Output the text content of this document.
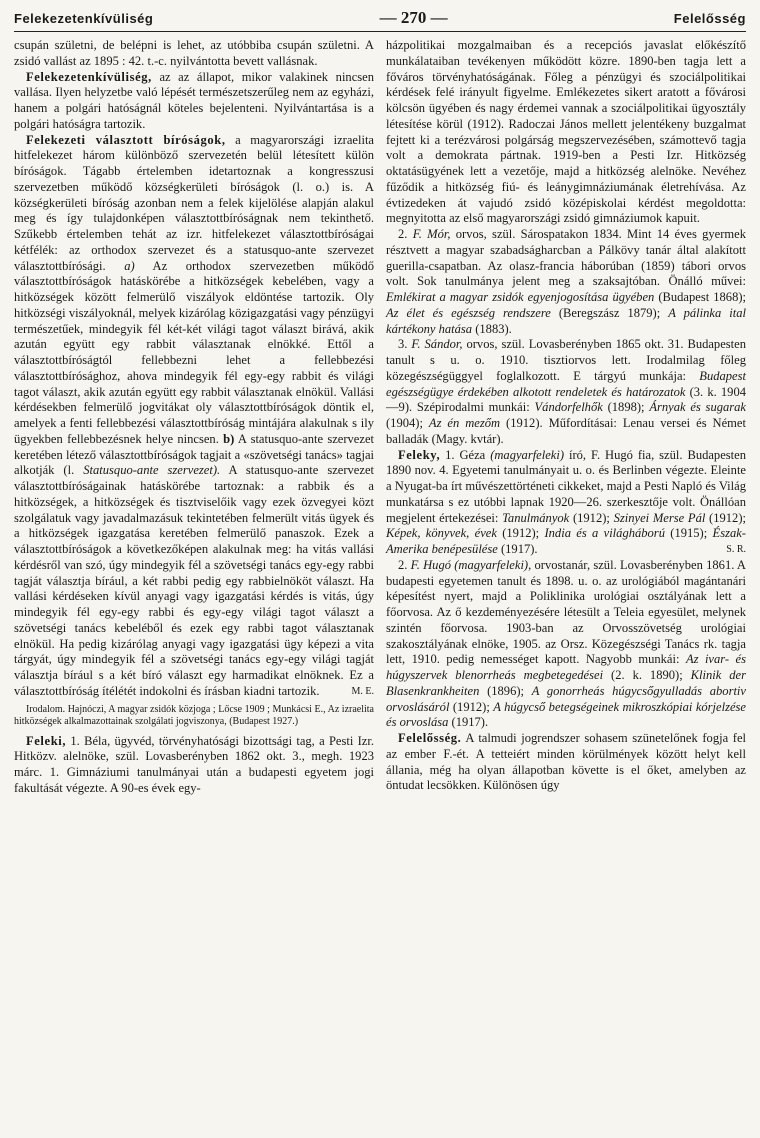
Felekezetenkívüliség	— 270 —	Felelősség

csupán születni, de belépni is lehet, az utóbbiba csupán születni. A zsidó vallást az 1895 : 42. t.-c. nyilvántotta bevett vallásnak.

Felekezetenkívüliség, az az állapot, mikor valakinek nincsen vallása. Ilyen helyzetbe való lépését természetszerűleg nem az egyházi, hanem a polgári hatóságnál köteles bejelenteni. Nyilvántartása is a polgári hatóságra tartozik.

Felekezeti választott bíróságok, a magyarországi izraelita hitfelekezet három különböző szervezetén belül létesített külön bíróságok. Tágabb értelemben idetartoznak a kongresszusi szervezetben működő községkerületi bíróságok (l. o.) is. A községkerületi bíróság azonban nem a felek kijelölése alapján alakul meg és így tulajdonképen választottbíróságnak nem tekinthető. Szűkebb értelemben tehát az izr. hitfelekezet választottbíróságai kétfélék: az orthodox szervezet és a statusquo-ante szervezet választottbírósági. a) Az orthodox szervezetben működő választottbíróságok hatáskörébe a hitközségek kebelében, vagy a hitközségek között felmerülő viszályok eldöntése tartozik. Oly hitközségi viszályoknál, melyek kizárólag közigazgatási vagy pénzügyi természetűek, mindegyik fél két-két világi tagot választ birává, akik azután együtt egy rabbit választanak elnökké. Ettől a választottbíróságtól fellebbezni lehet a fellebbezési választottbírósághoz, ahova mindegyik fél egy-egy rabbit és világi tagot választ, akik azután együtt egy rabbit választanak elnökül. Vallási kérdésekben felmerülő jogvitákat oly választottbíróságok döntik el, amelyek a fenti fellebbezési választottbíróság mintájára alakulnak s ily ügyekben fellebbezésnek helye nincsen. b) A statusquo-ante szervezet keretében létező választottbíróságok tagjait a «szövetségi tanács» tagjai alkotják (l. Statusquo-ante szervezet). A statusquo-ante szervezet választottbíróságainak hatáskörébe tartoznak: a rabbik és a hitközségek, a hitközségek és tisztviselőik vagy ezek özvegyei közt szolgálatuk vagy javadalmazásuk tekintetében felmerült vitás ügyek és a hitközségek igazgatása keretében felmerülő panaszok. Ezek a választottbíróságok a következőképen alakulnak meg: ha vitás vallási kérdésről van szó, úgy mindegyik fél a szövetségi tanács egy-egy rabbi tagját választja bírául, a két rabbi pedig egy rabbielnököt választ. Ha vallási kérdéseken kívül anyagi vagy igazgatási kérdés is vitás, úgy mindegyik fél egy-egy rabbi és egy-egy világi tagot választ a szövetségi tanács kebeléből és ezek egy rabbi tagot választanak elnökül. Ha pedig kizárólag anyagi vagy igazgatási ügy képezi a vita tárgyát, úgy mindegyik fél a szövetségi tanács egy-egy világi tagját választja bírául s a két bíró választ egy harmadikat elnöknek. Ez a választottbíróság ítélétét indokolni és írásban kiadni tartozik.	M. E.

Irodalom. Hajnóczi, A magyar zsidók közjoga ; Lőcse 1909 ; Munkácsi E., Az izraelita hitközségek alkalmazottainak szolgálati jogviszonya, (Budapest 1927.)

Feleki, 1. Béla, ügyvéd, törvényhatósági bizottsági tag, a Pesti Izr. Hitközv. alelnöke, szül. Lovasberényben 1862 okt. 3., megh. 1923 márc. 1. Gimnáziumi tanulmányai után a budapesti egyetem jogi fakultását végezte. A 90-es évek egy-

házpolitikai mozgalmaiban és a recepciós javaslat előkészítő munkálataiban tevékenyen működött közre. 1890-ben tagja lett a főváros törvényhatóságának. Főleg a pénzügyi és szociálpolitikai kérdések felé irányult figyelme. Emlékezetes sikert aratott a fővárosi kölcsön ügyében és nagy érdemei vannak a szociálpolitikai ügyosztály létesítése körül (1912). Radoczai János mellett jelentékeny buzgalmat fejtett ki a terézvárosi polgárság megszervezésében, számottevő tagja volt a demokrata pártnak. 1919-ben a Pesti Izr. Hitközség oktatásügyének lett a vezetője, majd a hitközség alelnöke. Nevéhez fűződik a hitközség fiú- és leánygimnáziumának életrehívása. Az évtizedeken át vajudó zsidó középiskolai kérdést megoldotta: megnyitotta az első magyarországi zsidó gimnáziumok kapuit.

2. F. Mór, orvos, szül. Sárospatakon 1834. Mint 14 éves gyermek résztvett a magyar szabadságharcban a Pálkövy tanár által alakított guerilla-csapatban. Az olasz-francia háborúban (1859) tábori orvos volt. Sok tanulmánya jelent meg a szaksajtóban. Önálló művei: Emlékirat a magyar zsidók egyenjogosítása ügyében (Budapest 1868); Az élet és egészség rendszere (Beregszász 1879); A pálinka ital kártékony hatása (1883).

3. F. Sándor, orvos, szül. Lovasberényben 1865 okt. 31. Budapesten tanult s u. o. 1910. tisztiorvos lett. Irodalmilag főleg közegészségüggyel foglalkozott. E tárgyú munkája: Budapest egészségügye érdekében alkotott rendeletek és határozatok (3. k. 1904—9). Szépirodalmi munkái: Vándorfelhők (1898); Árnyak és sugarak (1904); Az én mezőm (1912). Műfordításai: Lenau versei és Német balladák (Magy. kvtár).

Feleky, 1. Géza (magyarfeleki) író, F. Hugó fia, szül. Budapesten 1890 nov. 4. Egyetemi tanulmányait u. o. és Berlinben végezte. Eleinte a Nyugat-ba írt művészettörténeti cikkeket, majd a Pesti Napló és Világ munkatársa s ez utóbbi lapnak 1920—26. szerkesztője volt. Önállóan megjelent értekezései: Tanulmányok (1912); Szinyei Merse Pál (1912); Képek, könyvek, évek (1912); India és a világháború (1915); Észak-Amerika benépesülése (1917).	S. R.

2. F. Hugó (magyarfeleki), orvostanár, szül. Lovasberényben 1861. A budapesti egyetemen tanult és 1898. u. o. az urológiából magántanári képesítést nyert, majd a Poliklinika urológiai osztályának lett a főorvosa. Az ő kezdeményezésére létesült a Teleia egyesület, melynek szintén főorvosa. 1903-ban az Orvosszövetség urológiai szakosztályának elnöke, 1905. az Orsz. Közegészségi Tanács rk. tagja lett, 1910. pedig nemességet kapott. Nagyobb munkái: Az ivar- és húgyszervek blenorrheás megbetegedései (2. k. 1890); Klinik der Blasenkrankheiten (1896); A gonorrheás húgycsőgyulladás abortiv orvoslásáról (1912); A húgycső betegségeinek mikroszkópiai kórjelzése és orvoslása (1917).

Felelősség. A talmudi jogrendszer sohasem szünetelőnek fogja fel az ember F.-ét. A tetteiért minden körülmények között helyt kell állania, még ha olyan állapotban követte is el őket, amelyben az öntudat lecsökken. Különösen úgy
